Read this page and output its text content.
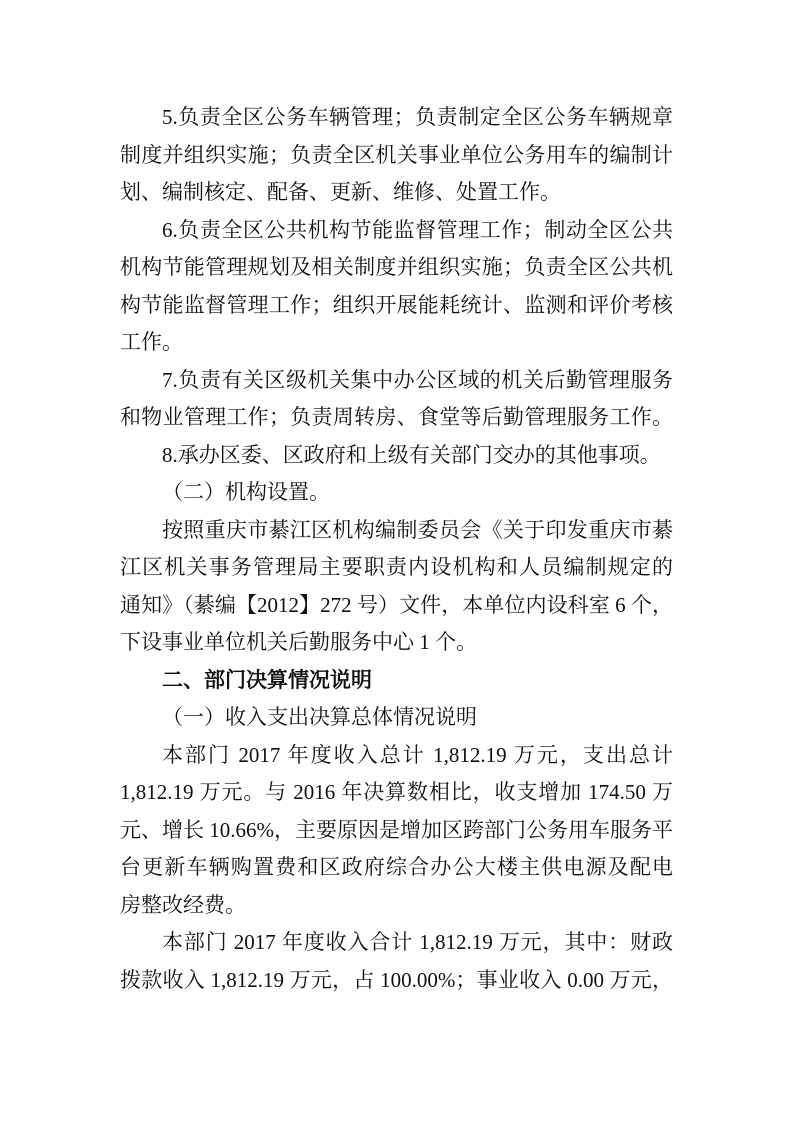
5.负责全区公务车辆管理；负责制定全区公务车辆规章
制度并组织实施；负责全区机关事业单位公务用车的编制计
划、编制核定、配备、更新、维修、处置工作。
6.负责全区公共机构节能监督管理工作；制动全区公共
机构节能管理规划及相关制度并组织实施；负责全区公共机
构节能监督管理工作；组织开展能耗统计、监测和评价考核
工作。
7.负责有关区级机关集中办公区域的机关后勤管理服务
和物业管理工作；负责周转房、食堂等后勤管理服务工作。
8.承办区委、区政府和上级有关部门交办的其他事项。
（二）机构设置。
按照重庆市綦江区机构编制委员会《关于印发重庆市綦
江区机关事务管理局主要职责内设机构和人员编制规定的
通知》（綦编【2012】272 号）文件，本单位内设科室 6 个，
下设事业单位机关后勤服务中心 1 个。
二、部门决算情况说明
（一）收入支出决算总体情况说明
本部门 2017 年度收入总计 1,812.19 万元，支出总计
1,812.19 万元。与 2016 年决算数相比，收支增加 174.50 万
元、增长 10.66%，主要原因是增加区跨部门公务用车服务平
台更新车辆购置费和区政府综合办公大楼主供电源及配电
房整改经费。
本部门 2017 年度收入合计 1,812.19 万元，其中：财政
拨款收入 1,812.19 万元，占 100.00%；事业收入 0.00 万元，
